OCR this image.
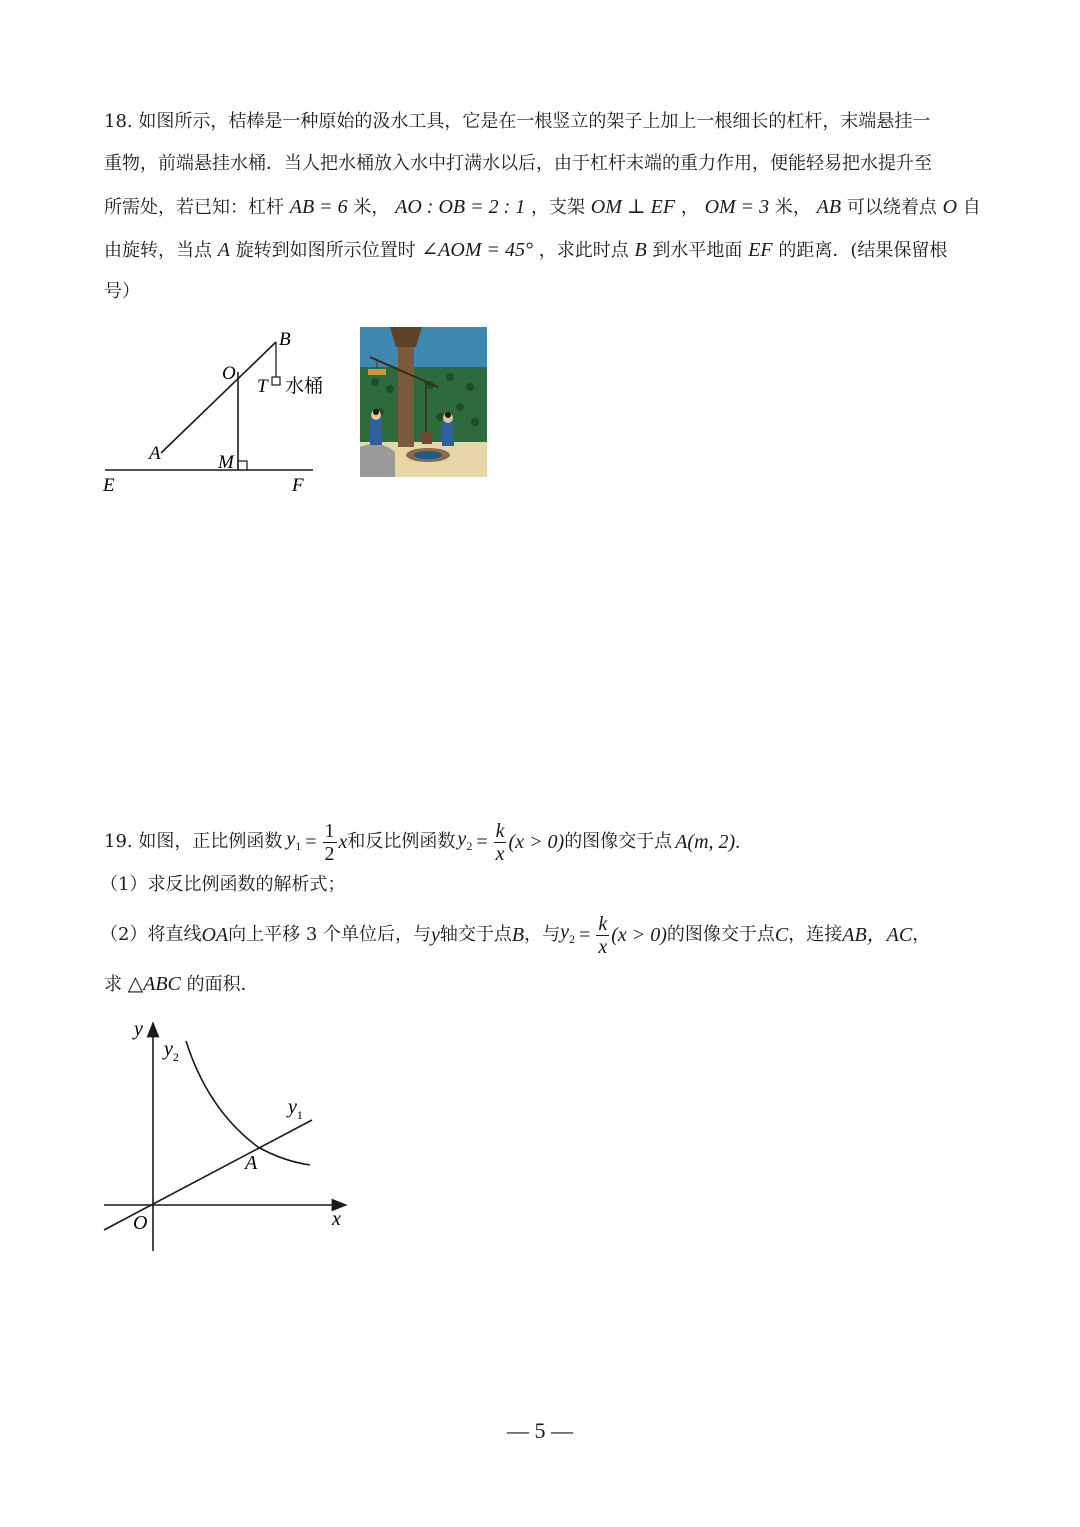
18. 如图所示，桔棒是一种原始的汲水工具，它是在一根竖立的架子上加上一根细长的杠杆，末端悬挂一
重物，前端悬挂水桶．当人把水桶放入水中打满水以后，由于杠杆末端的重力作用，便能轻易把水提升至
所需处，若已知：杠杆 AB = 6 米， AO : OB = 2 : 1 ，支架 OM ⊥ EF ， OM = 3 米， AB 可以绕着点 O 自
由旋转，当点 A 旋转到如图所示位置时 ∠AOM = 45° ，求此时点 B 到水平地面 EF 的距离．(结果保留根
号）
B
O
T 水桶
A	M
E	F
19. 如图，正比例函数 $y_1 = \frac{1}{2}$ x 和反比例函数 $y_2 = \frac{k}{x} (x > 0)$ 的图像交于点 A (m, 2) .
（1）求反比例函数的解析式；
（2）将直线 OA 向上平移 3 个单位后，与 y 轴交于点 B ，与 $y_2 = \frac{k}{x} (x > 0)$ 的图像交于点 C ，连接 AB，AC ，
求 △ABC 的面积．
y
$y_2$
$y_1$
A
O	x
— 5 —
